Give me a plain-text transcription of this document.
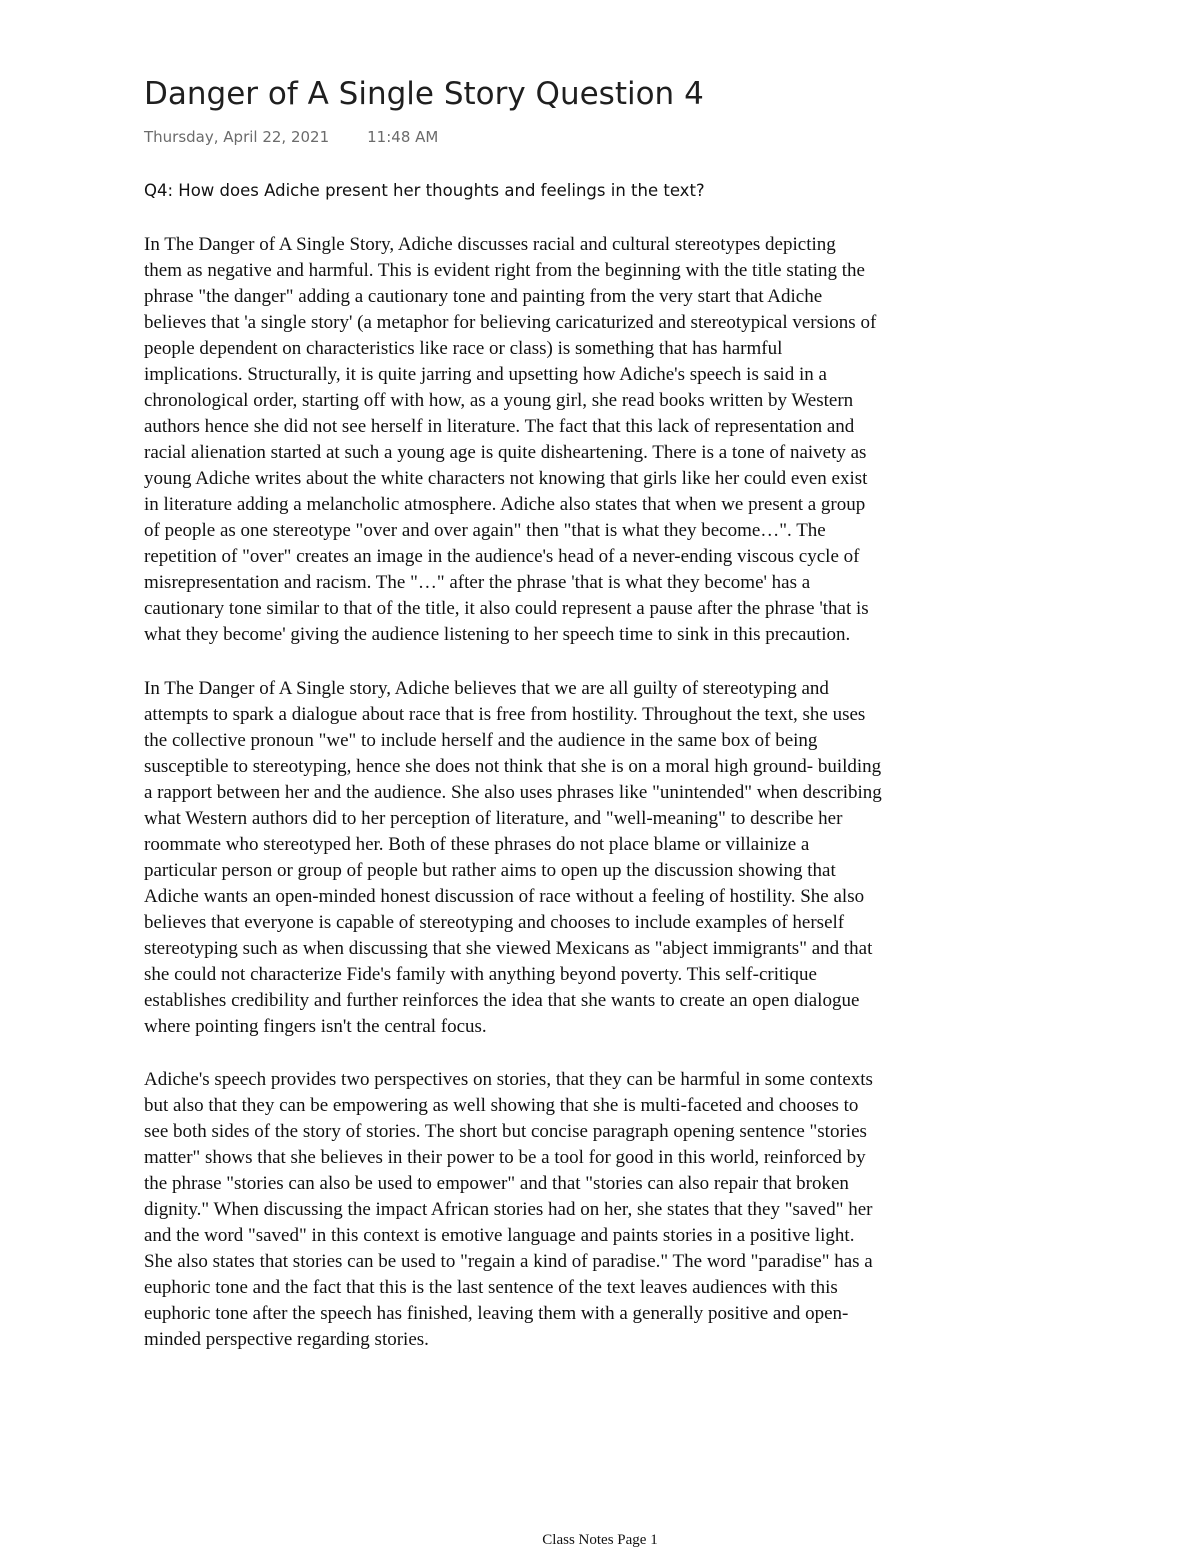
Danger of A Single Story Question 4
Thursday, April 22, 2021	11:48 AM
Q4: How does Adiche present her thoughts and feelings in the text?
In The Danger of A Single Story, Adiche discusses racial and cultural stereotypes depicting
them as negative and harmful. This is evident right from the beginning with the title stating the
phrase "the danger" adding a cautionary tone and painting from the very start that Adiche
believes that 'a single story' (a metaphor for believing caricaturized and stereotypical versions of
people dependent on characteristics like race or class) is something that has harmful
implications. Structurally, it is quite jarring and upsetting how Adiche's speech is said in a
chronological order, starting off with how, as a young girl, she read books written by Western
authors hence she did not see herself in literature. The fact that this lack of representation and
racial alienation started at such a young age is quite disheartening. There is a tone of naivety as
young Adiche writes about the white characters not knowing that girls like her could even exist
in literature adding a melancholic atmosphere. Adiche also states that when we present a group
of people as one stereotype "over and over again" then "that is what they become…". The
repetition of "over" creates an image in the audience's head of a never-ending viscous cycle of
misrepresentation and racism. The "…" after the phrase 'that is what they become' has a
cautionary tone similar to that of the title, it also could represent a pause after the phrase 'that is
what they become' giving the audience listening to her speech time to sink in this precaution.
In The Danger of A Single story, Adiche believes that we are all guilty of stereotyping and
attempts to spark a dialogue about race that is free from hostility. Throughout the text, she uses
the collective pronoun "we" to include herself and the audience in the same box of being
susceptible to stereotyping, hence she does not think that she is on a moral high ground- building
a rapport between her and the audience. She also uses phrases like "unintended" when describing
what Western authors did to her perception of literature, and "well-meaning" to describe her
roommate who stereotyped her. Both of these phrases do not place blame or villainize a
particular person or group of people but rather aims to open up the discussion showing that
Adiche wants an open-minded honest discussion of race without a feeling of hostility. She also
believes that everyone is capable of stereotyping and chooses to include examples of herself
stereotyping such as when discussing that she viewed Mexicans as "abject immigrants" and that
she could not characterize Fide's family with anything beyond poverty. This self-critique
establishes credibility and further reinforces the idea that she wants to create an open dialogue
where pointing fingers isn't the central focus.
Adiche's speech provides two perspectives on stories, that they can be harmful in some contexts
but also that they can be empowering as well showing that she is multi-faceted and chooses to
see both sides of the story of stories. The short but concise paragraph opening sentence "stories
matter" shows that she believes in their power to be a tool for good in this world, reinforced by
the phrase "stories can also be used to empower" and that "stories can also repair that broken
dignity." When discussing the impact African stories had on her, she states that they "saved" her
and the word "saved" in this context is emotive language and paints stories in a positive light.
She also states that stories can be used to "regain a kind of paradise." The word "paradise" has a
euphoric tone and the fact that this is the last sentence of the text leaves audiences with this
euphoric tone after the speech has finished, leaving them with a generally positive and open-
minded perspective regarding stories.
Class Notes Page 1
